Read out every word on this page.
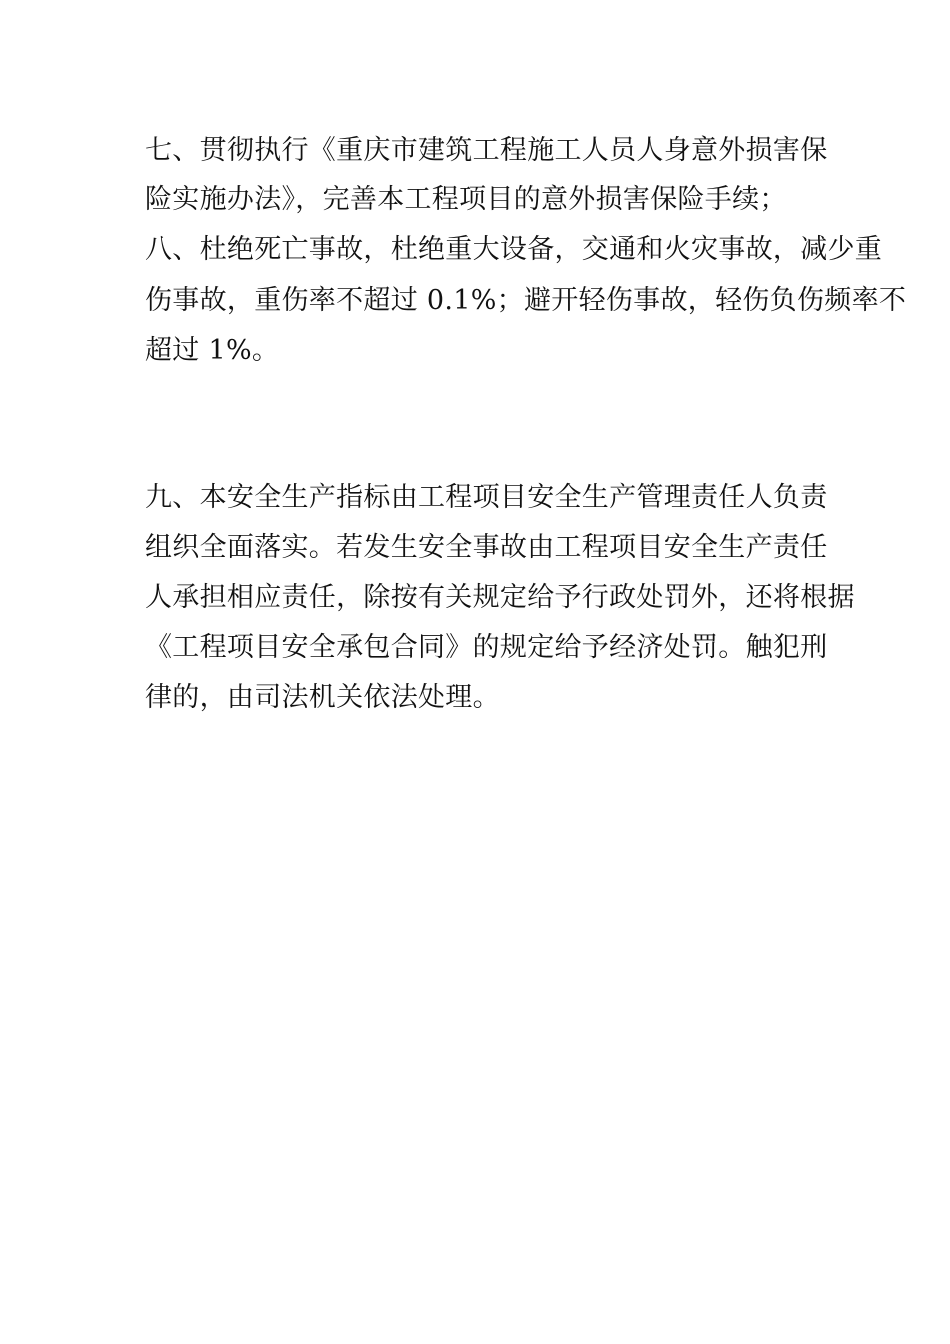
七、贯彻执行《重庆市建筑工程施工人员人身意外损害保
险实施办法》，完善本工程项目的意外损害保险手续；
八、杜绝死亡事故，杜绝重大设备，交通和火灾事故，减少重
伤事故，重伤率不超过 0.1%；避开轻伤事故，轻伤负伤频率不
超过 1%。
九、本安全生产指标由工程项目安全生产管理责任人负责
组织全面落实。若发生安全事故由工程项目安全生产责任
人承担相应责任，除按有关规定给予行政处罚外，还将根据
《工程项目安全承包合同》的规定给予经济处罚。触犯刑
律的，由司法机关依法处理。
